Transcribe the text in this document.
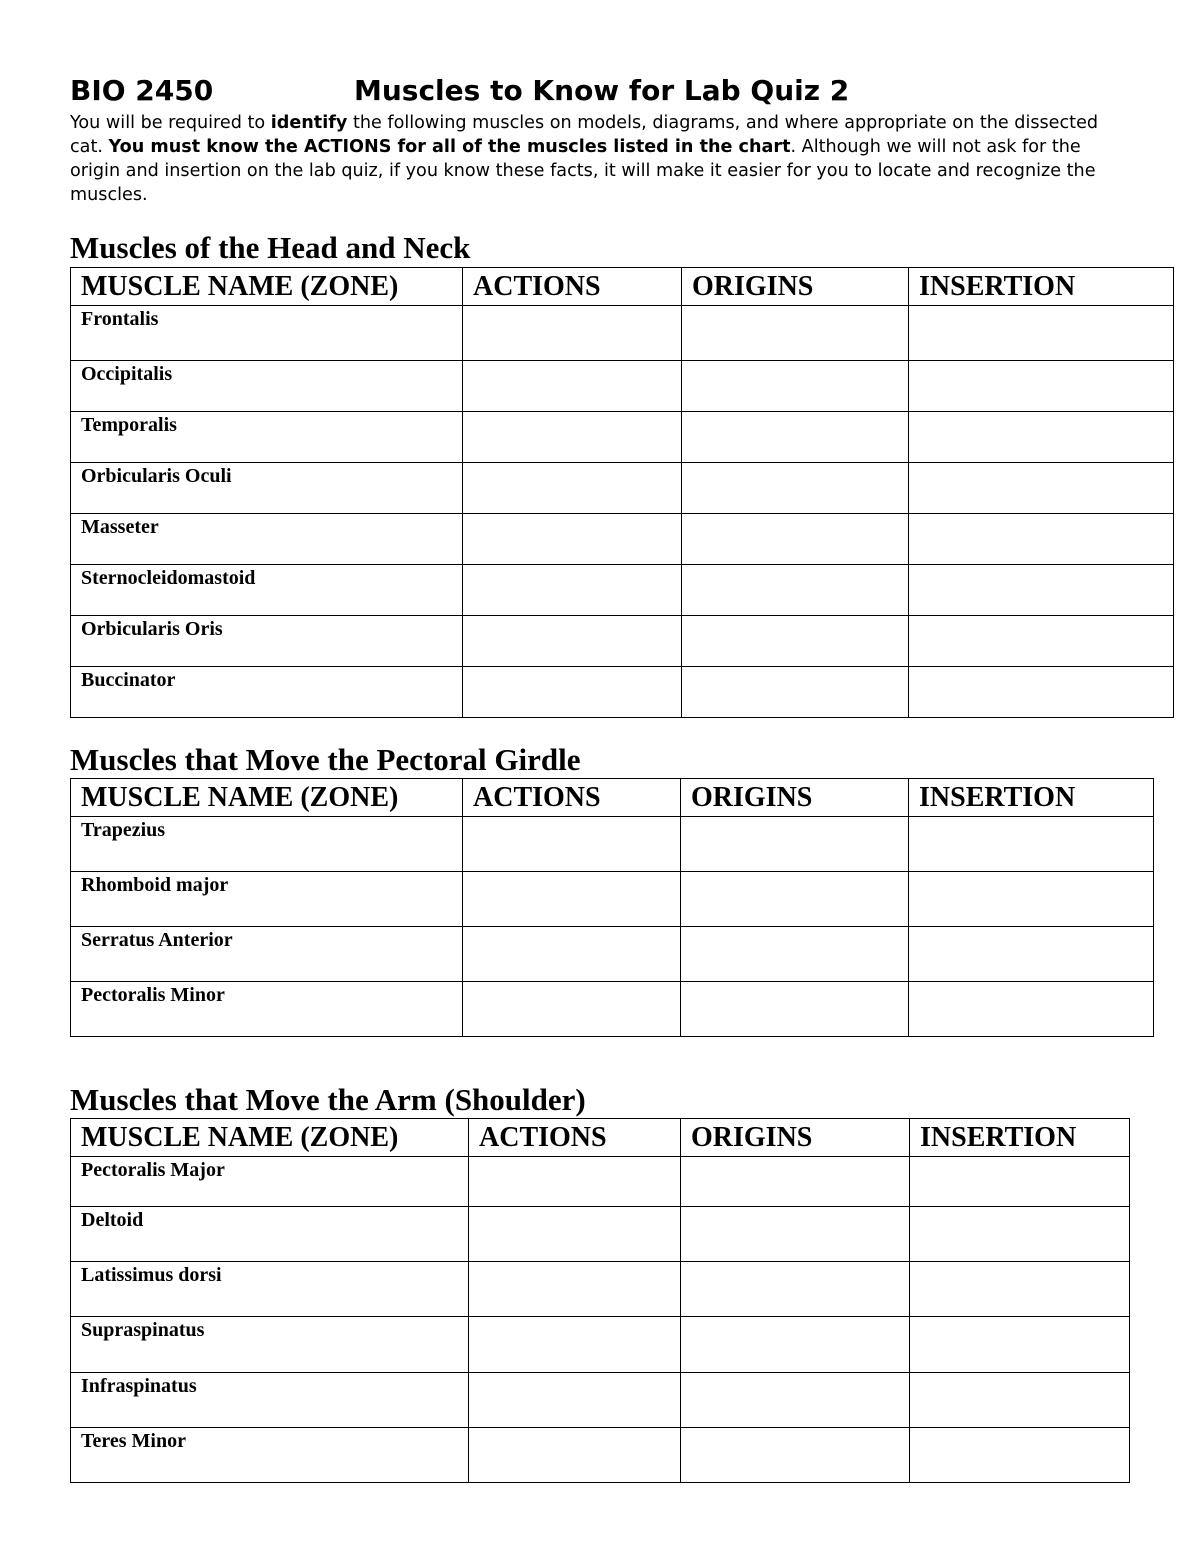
BIO 2450	Muscles to Know for Lab Quiz 2
You will be required to identify the following muscles on models, diagrams, and where appropriate on the dissected cat. You must know the ACTIONS for all of the muscles listed in the chart. Although we will not ask for the origin and insertion on the lab quiz, if you know these facts, it will make it easier for you to locate and recognize the muscles.
Muscles of the Head and Neck
MUSCLE NAME (ZONE)	ACTIONS	ORIGINS	INSERTION
Frontalis			
Occipitalis			
Temporalis			
Orbicularis Oculi			
Masseter			
Sternocleidomastoid			
Orbicularis Oris			
Buccinator			
Muscles that Move the Pectoral Girdle
MUSCLE NAME (ZONE)	ACTIONS	ORIGINS	INSERTION
Trapezius			
Rhomboid major			
Serratus Anterior			
Pectoralis Minor			
Muscles that Move the Arm (Shoulder)
MUSCLE NAME (ZONE)	ACTIONS	ORIGINS	INSERTION
Pectoralis Major			
Deltoid			
Latissimus dorsi			
Supraspinatus			
Infraspinatus			
Teres Minor			
